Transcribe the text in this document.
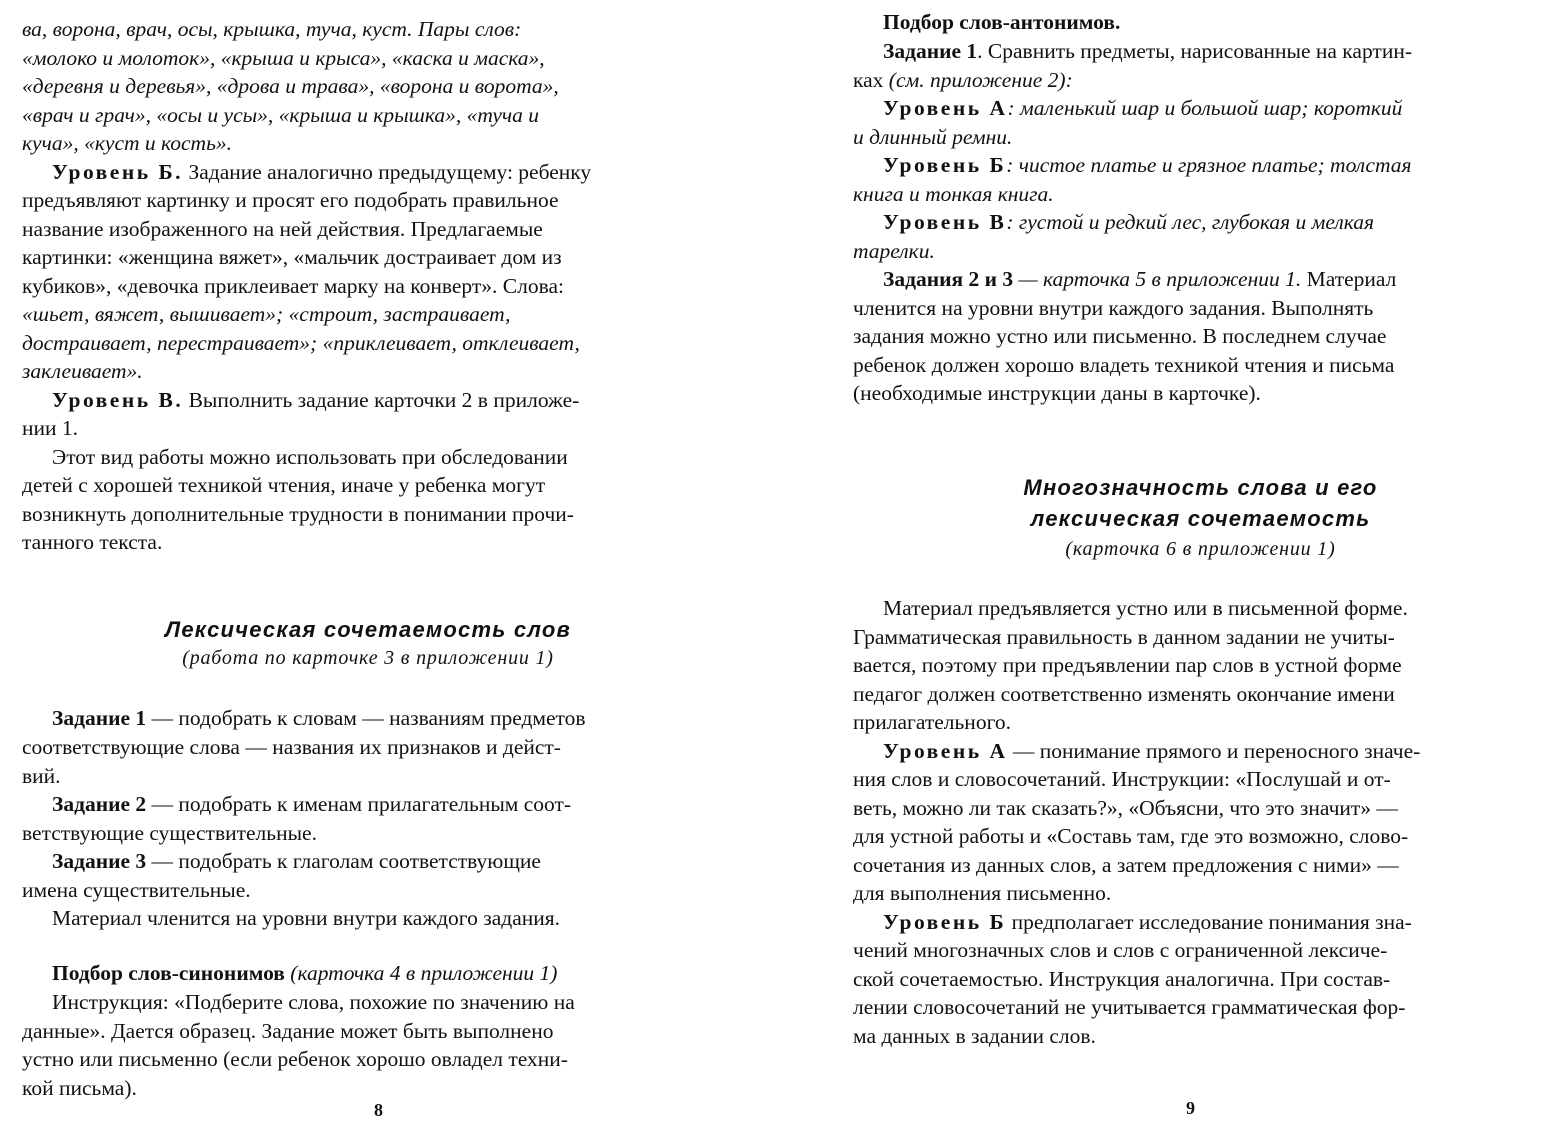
ва, ворона, врач, осы, крышка, туча, куст. Пары слов:
«молоко и молоток», «крыша и крыса», «каска и маска»,
«деревня и деревья», «дрова и трава», «ворона и ворота»,
«врач и грач», «осы и усы», «крыша и крышка», «туча и
куча», «куст и кость».
Уровень Б. Задание аналогично предыдущему: ребенку
предъявляют картинку и просят его подобрать правильное
название изображенного на ней действия. Предлагаемые
картинки: «женщина вяжет», «мальчик достраивает дом из
кубиков», «девочка приклеивает марку на конверт». Слова:
«шьет, вяжет, вышивает»; «строит, застраивает,
достраивает, перестраивает»; «приклеивает, отклеивает,
заклеивает».
Уровень В. Выполнить задание карточки 2 в приложе-
нии 1.
Этот вид работы можно использовать при обследовании
детей с хорошей техникой чтения, иначе у ребенка могут
возникнуть дополнительные трудности в понимании прочи-
танного текста.
Лексическая сочетаемость слов
(работа по карточке 3 в приложении 1)
Задание 1 — подобрать к словам — названиям предметов
соответствующие слова — названия их признаков и дейст-
вий.
Задание 2 — подобрать к именам прилагательным соот-
ветствующие существительные.
Задание 3 — подобрать к глаголам соответствующие
имена существительные.
Материал членится на уровни внутри каждого задания.
Подбор слов-синонимов (карточка 4 в приложении 1)
Инструкция: «Подберите слова, похожие по значению на
данные». Дается образец. Задание может быть выполнено
устно или письменно (если ребенок хорошо овладел техни-
кой письма).
8
Подбор слов-антонимов.
Задание 1. Сравнить предметы, нарисованные на картин-
ках (см. приложение 2):
Уровень А: маленький шар и большой шар; короткий
и длинный ремни.
Уровень Б: чистое платье и грязное платье; толстая
книга и тонкая книга.
Уровень В: густой и редкий лес, глубокая и мелкая
тарелки.
Задания 2 и 3 — карточка 5 в приложении 1. Материал
членится на уровни внутри каждого задания. Выполнять
задания можно устно или письменно. В последнем случае
ребенок должен хорошо владеть техникой чтения и письма
(необходимые инструкции даны в карточке).
Многозначность слова и его
лексическая сочетаемость
(карточка 6 в приложении 1)
Материал предъявляется устно или в письменной форме.
Грамматическая правильность в данном задании не учиты-
вается, поэтому при предъявлении пар слов в устной форме
педагог должен соответственно изменять окончание имени
прилагательного.
Уровень А — понимание прямого и переносного значе-
ния слов и словосочетаний. Инструкции: «Послушай и от-
веть, можно ли так сказать?», «Объясни, что это значит» —
для устной работы и «Составь там, где это возможно, слово-
сочетания из данных слов, а затем предложения с ними» —
для выполнения письменно.
Уровень Б предполагает исследование понимания зна-
чений многозначных слов и слов с ограниченной лексиче-
ской сочетаемостью. Инструкция аналогична. При состав-
лении словосочетаний не учитывается грамматическая фор-
ма данных в задании слов.
9
